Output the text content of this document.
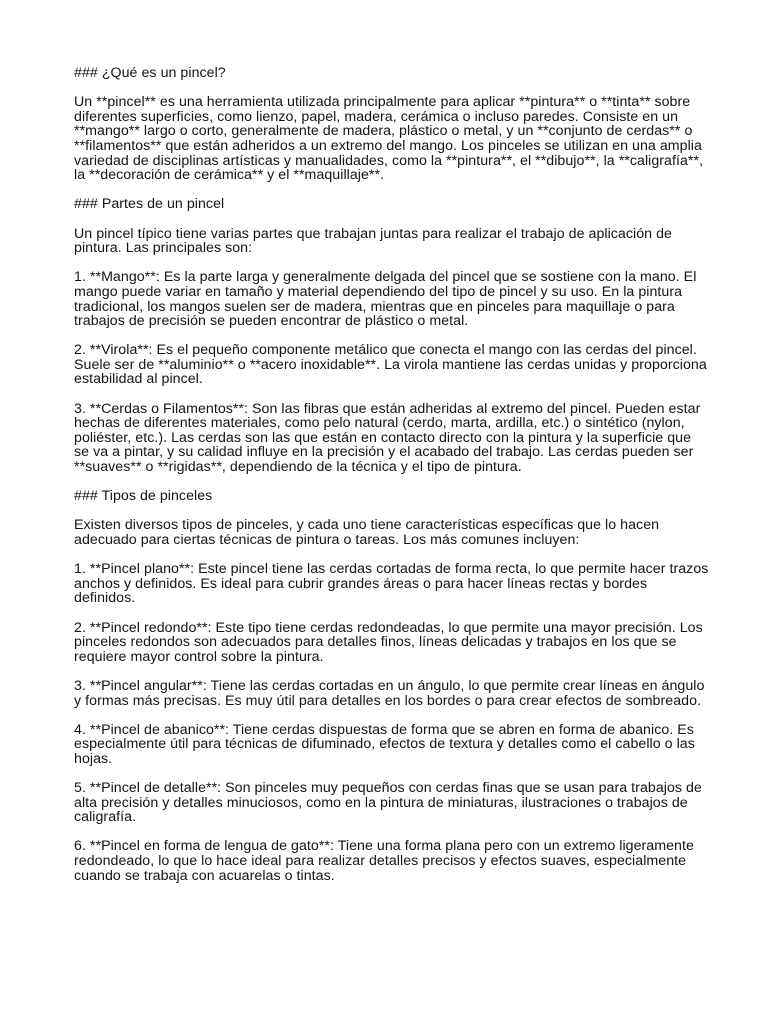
### ¿Qué es un pincel?

Un **pincel** es una herramienta utilizada principalmente para aplicar **pintura** o **tinta** sobre diferentes superficies, como lienzo, papel, madera, cerámica o incluso paredes. Consiste en un **mango** largo o corto, generalmente de madera, plástico o metal, y un **conjunto de cerdas** o **filamentos** que están adheridos a un extremo del mango. Los pinceles se utilizan en una amplia variedad de disciplinas artísticas y manualidades, como la **pintura**, el **dibujo**, la **caligrafía**, la **decoración de cerámica** y el **maquillaje**.

### Partes de un pincel

Un pincel típico tiene varias partes que trabajan juntas para realizar el trabajo de aplicación de pintura. Las principales son:

1. **Mango**: Es la parte larga y generalmente delgada del pincel que se sostiene con la mano. El mango puede variar en tamaño y material dependiendo del tipo de pincel y su uso. En la pintura tradicional, los mangos suelen ser de madera, mientras que en pinceles para maquillaje o para trabajos de precisión se pueden encontrar de plástico o metal.

2. **Virola**: Es el pequeño componente metálico que conecta el mango con las cerdas del pincel. Suele ser de **aluminio** o **acero inoxidable**. La virola mantiene las cerdas unidas y proporciona estabilidad al pincel.

3. **Cerdas o Filamentos**: Son las fibras que están adheridas al extremo del pincel. Pueden estar hechas de diferentes materiales, como pelo natural (cerdo, marta, ardilla, etc.) o sintético (nylon, poliéster, etc.). Las cerdas son las que están en contacto directo con la pintura y la superficie que se va a pintar, y su calidad influye en la precisión y el acabado del trabajo. Las cerdas pueden ser **suaves** o **rigidas**, dependiendo de la técnica y el tipo de pintura.

### Tipos de pinceles

Existen diversos tipos de pinceles, y cada uno tiene características específicas que lo hacen adecuado para ciertas técnicas de pintura o tareas. Los más comunes incluyen:

1. **Pincel plano**: Este pincel tiene las cerdas cortadas de forma recta, lo que permite hacer trazos anchos y definidos. Es ideal para cubrir grandes áreas o para hacer líneas rectas y bordes definidos.

2. **Pincel redondo**: Este tipo tiene cerdas redondeadas, lo que permite una mayor precisión. Los pinceles redondos son adecuados para detalles finos, líneas delicadas y trabajos en los que se requiere mayor control sobre la pintura.

3. **Pincel angular**: Tiene las cerdas cortadas en un ángulo, lo que permite crear líneas en ángulo y formas más precisas. Es muy útil para detalles en los bordes o para crear efectos de sombreado.

4. **Pincel de abanico**: Tiene cerdas dispuestas de forma que se abren en forma de abanico. Es especialmente útil para técnicas de difuminado, efectos de textura y detalles como el cabello o las hojas.

5. **Pincel de detalle**: Son pinceles muy pequeños con cerdas finas que se usan para trabajos de alta precisión y detalles minuciosos, como en la pintura de miniaturas, ilustraciones o trabajos de caligrafía.

6. **Pincel en forma de lengua de gato**: Tiene una forma plana pero con un extremo ligeramente redondeado, lo que lo hace ideal para realizar detalles precisos y efectos suaves, especialmente cuando se trabaja con acuarelas o tintas.
